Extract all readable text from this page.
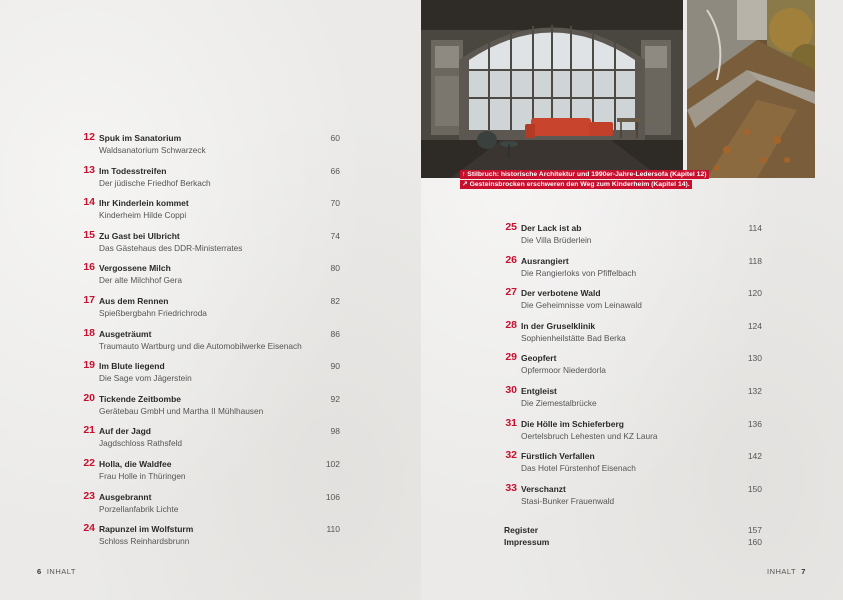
↑ Stilbruch: historische Architektur und 1990er-Jahre-Ledersofa (Kapitel 12)
↗ Gesteinsbrocken erschweren den Weg zum Kinderheim (Kapitel 14).
12 Spuk im Sanatorium
Waldsanatorium Schwarzeck
60
13 Im Todesstreifen
Der jüdische Friedhof Berkach
66
14 Ihr Kinderlein kommet
Kinderheim Hilde Coppi
70
15 Zu Gast bei Ulbricht
Das Gästehaus des DDR-Ministerrates
74
16 Vergossene Milch
Der alte Milchhof Gera
80
17 Aus dem Rennen
Spießbergbahn Friedrichroda
82
18 Ausgeträumt
Traumauto Wartburg und die Automobilwerke Eisenach
86
19 Im Blute liegend
Die Sage vom Jägerstein
90
20 Tickende Zeitbombe
Gerätebau GmbH und Martha II Mühlhausen
92
21 Auf der Jagd
Jagdschloss Rathsfeld
98
22 Holla, die Waldfee
Frau Holle in Thüringen
102
23 Ausgebrannt
Porzellanfabrik Lichte
106
24 Rapunzel im Wolfsturm
Schloss Reinhardsbrunn
110
25 Der Lack ist ab
Die Villa Brüderlein
114
26 Ausrangiert
Die Rangierloks von Pfiffelbach
118
27 Der verbotene Wald
Die Geheimnisse vom Leinawald
120
28 In der Gruselklinik
Sophienheilstätte Bad Berka
124
29 Geopfert
Opfermoor Niederdorla
130
30 Entgleist
Die Ziemestalbrücke
132
31 Die Hölle im Schieferberg
Oertelsbruch Lehesten und KZ Laura
136
32 Fürstlich Verfallen
Das Hotel Fürstenhof Eisenach
142
33 Verschanzt
Stasi-Bunker Frauenwald
150
Register	157
Impressum	160
6 INHALT	INHALT 7
